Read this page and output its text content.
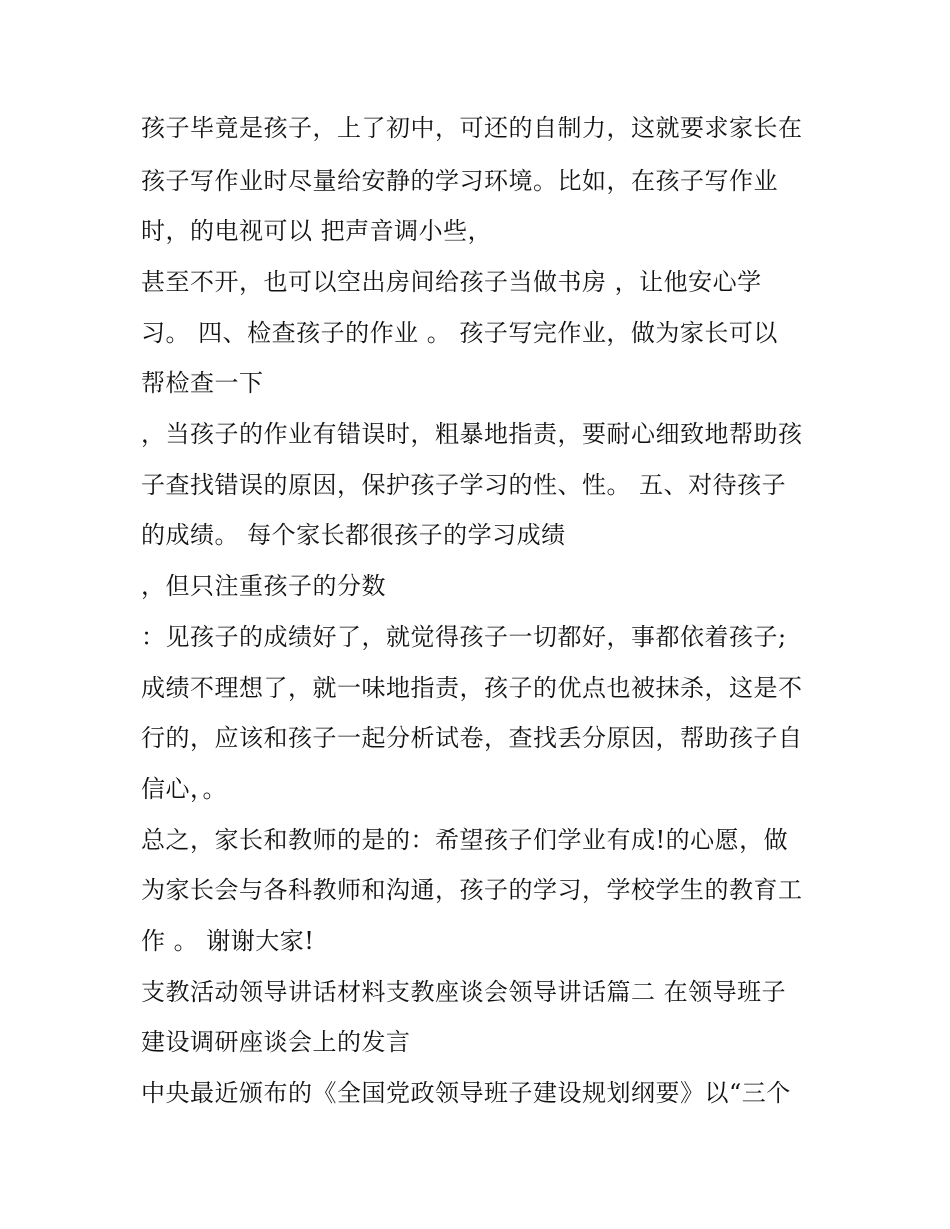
孩子毕竟是孩子，上了初中，可还的自制力，这就要求家长在
孩子写作业时尽量给安静的学习环境。比如，在孩子写作业
时，的电视可以 把声音调小些，
甚至不开，也可以空出房间给孩子当做书房 ，让他安心学
习。 四、检查孩子的作业 。 孩子写完作业，做为家长可以
帮检查一下
，当孩子的作业有错误时，粗暴地指责，要耐心细致地帮助孩
子查找错误的原因，保护孩子学习的性、性。 五、对待孩子
的成绩。 每个家长都很孩子的学习成绩
，但只注重孩子的分数
：见孩子的成绩好了，就觉得孩子一切都好，事都依着孩子;
成绩不理想了，就一味地指责，孩子的优点也被抹杀，这是不
行的，应该和孩子一起分析试卷，查找丢分原因，帮助孩子自
信心，。
总之，家长和教师的是的：希望孩子们学业有成!的心愿，做
为家长会与各科教师和沟通，孩子的学习，学校学生的教育工
作 。 谢谢大家!
支教活动领导讲话材料支教座谈会领导讲话篇二 在领导班子
建设调研座谈会上的发言
中央最近颁布的《全国党政领导班子建设规划纲要》以“三个
